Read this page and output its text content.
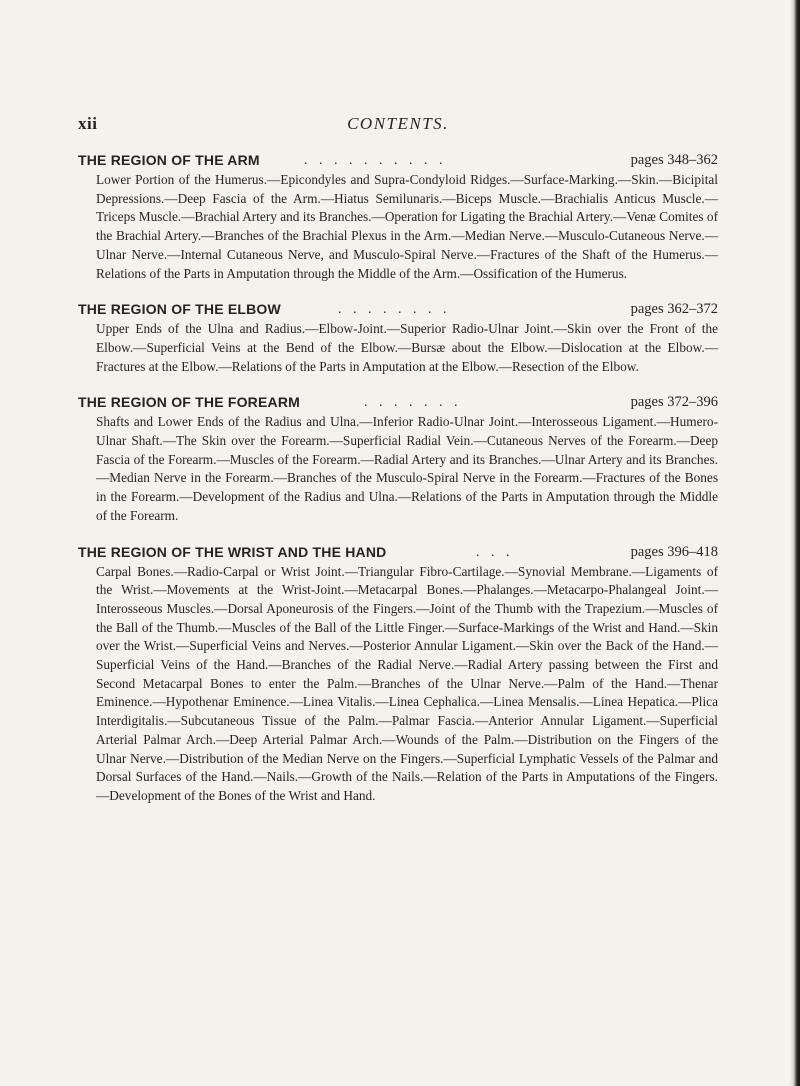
xii	CONTENTS.
THE REGION OF THE ARM	. . . . . . . . . .	pages 348–362

Lower Portion of the Humerus.—Epicondyles and Supra-Condyloid Ridges.—Surface-Marking.—Skin.—Bicipital Depressions.—Deep Fascia of the Arm.—Hiatus Semilunaris.—Biceps Muscle.—Brachialis Anticus Muscle.—Triceps Muscle.—Brachial Artery and its Branches.—Operation for Ligating the Brachial Artery.—Venæ Comites of the Brachial Artery.—Branches of the Brachial Plexus in the Arm.—Median Nerve.—Musculo-Cutaneous Nerve.—Ulnar Nerve.—Internal Cutaneous Nerve, and Musculo-Spiral Nerve.—Fractures of the Shaft of the Humerus.—Relations of the Parts in Amputation through the Middle of the Arm.—Ossification of the Humerus.

THE REGION OF THE ELBOW	. . . . . . . .	pages 362–372

Upper Ends of the Ulna and Radius.—Elbow-Joint.—Superior Radio-Ulnar Joint.—Skin over the Front of the Elbow.—Superficial Veins at the Bend of the Elbow.—Bursæ about the Elbow.—Dislocation at the Elbow.—Fractures at the Elbow.—Relations of the Parts in Amputation at the Elbow.—Resection of the Elbow.

THE REGION OF THE FOREARM	. . . . . . .	pages 372–396

Shafts and Lower Ends of the Radius and Ulna.—Inferior Radio-Ulnar Joint.—Interosseous Ligament.—Humero-Ulnar Shaft.—The Skin over the Forearm.—Superficial Radial Vein.—Cutaneous Nerves of the Forearm.—Deep Fascia of the Forearm.—Muscles of the Forearm.—Radial Artery and its Branches.—Ulnar Artery and its Branches.—Median Nerve in the Forearm.—Branches of the Musculo-Spiral Nerve in the Forearm.—Fractures of the Bones in the Forearm.—Development of the Radius and Ulna.—Relations of the Parts in Amputation through the Middle of the Forearm.

THE REGION OF THE WRIST AND THE HAND	. . .	pages 396–418

Carpal Bones.—Radio-Carpal or Wrist Joint.—Triangular Fibro-Cartilage.—Synovial Membrane.—Ligaments of the Wrist.—Movements at the Wrist-Joint.—Metacarpal Bones.—Phalanges.—Metacarpo-Phalangeal Joint.—Interosseous Muscles.—Dorsal Aponeurosis of the Fingers.—Joint of the Thumb with the Trapezium.—Muscles of the Ball of the Thumb.—Muscles of the Ball of the Little Finger.—Surface-Markings of the Wrist and Hand.—Skin over the Wrist.—Superficial Veins and Nerves.—Posterior Annular Ligament.—Skin over the Back of the Hand.—Superficial Veins of the Hand.—Branches of the Radial Nerve.—Radial Artery passing between the First and Second Metacarpal Bones to enter the Palm.—Branches of the Ulnar Nerve.—Palm of the Hand.—Thenar Eminence.—Hypothenar Eminence.—Linea Vitalis.—Linea Cephalica.—Linea Mensalis.—Linea Hepatica.—Plica Interdigitalis.—Subcutaneous Tissue of the Palm.—Palmar Fascia.—Anterior Annular Ligament.—Superficial Arterial Palmar Arch.—Deep Arterial Palmar Arch.—Wounds of the Palm.—Distribution on the Fingers of the Ulnar Nerve.—Distribution of the Median Nerve on the Fingers.—Superficial Lymphatic Vessels of the Palmar and Dorsal Surfaces of the Hand.—Nails.—Growth of the Nails.—Relation of the Parts in Amputations of the Fingers.—Development of the Bones of the Wrist and Hand.
